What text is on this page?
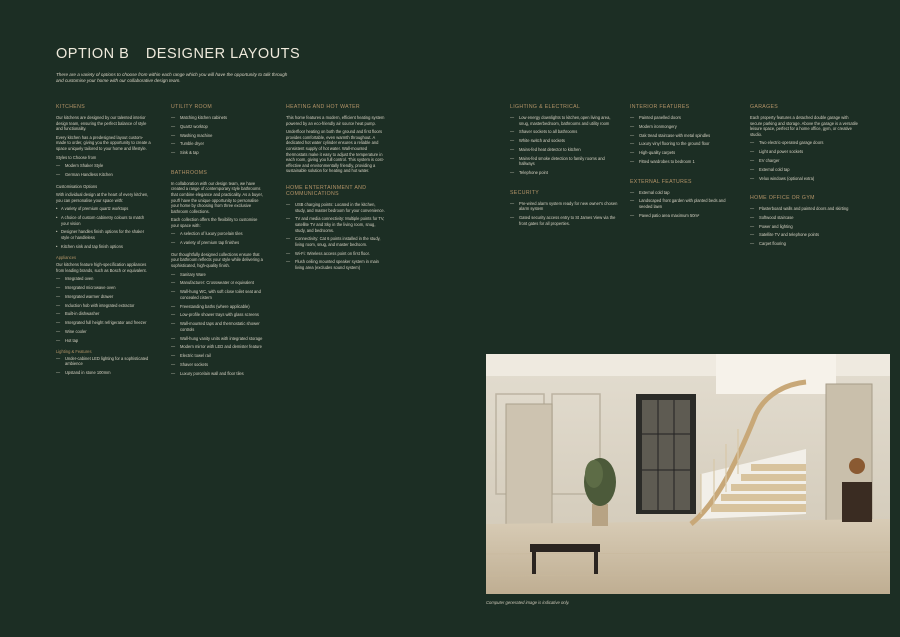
OPTION B DESIGNER LAYOUTS
There are a variety of options to choose from within each range which you will have the opportunity to talk through and customise your home with our collaborative design team.
KITCHENS
Our kitchens are designed by our talented interior design team, ensuring the perfect balance of style and functionality.
Every kitchen has a predesigned layout custom-made to order, giving you the opportunity to create a space uniquely tailored to your home and lifestyle.
Styles to Choose from
— Modern Shaker Style
— German Handless Kitchen
Customisation Options
With individual design at the heart of every kitchen, you can personalise your space with:
• A variety of premium quartz worktops
• A choice of custom cabinetry colours to match your vision
• Designer handles finish options for the shaker style or handleless
• Kitchen sink and tap finish options
Appliances
Our kitchens feature high-specification appliances from leading brands, such as Bosch or equivalent.
— Integrated oven
— Intergrated microwave oven
— Intergrated warmer drawer
— Induction hob with integrated extractor
— Built-in dishwasher
— Intergrated full height refrigerator and freezer
— Wine cooler
— Hot tap
Lighting & Features
— Under-cabinet LED lighting for a sophisticated ambience
— Upstand in stone 100mm
UTILITY ROOM
— Matching kitchen cabinets
— Quartz worktop
— Washing machine
— Tumble dryer
— Sink & tap
BATHROOMS
In collaboration with our design team, we have created a range of contemporary style bathrooms that combine elegance and practicality. As a buyer, you'll have the unique opportunity to personalise your home by choosing from three exclusive bathroom collections.
Each collection offers the flexibility to customise your space with:
— A selection of luxury porcelain tiles
— A variety of premium tap finishes
Our thoughtfully designed collections ensure that your bathroom reflects your style while delivering a sophisticated, high-quality finish.
— Sanitary Ware
— Manufacturer: Crossweater or equivalent
— Wall-hung WC, with soft close toilet seat and concealed cistern
— Freestanding baths (where applicable)
— Low-profile shower trays with glass screens
— Wall-mounted taps and thermostatic shower controls
— Wall-hung vanity units with integrated storage
— Modern mirror with LED and demister feature
— Electric towel rail
— Shaver sockets
— Luxury porcelain wall and floor tiles
HEATING AND HOT WATER
This home features a modern, efficient heating system powered by an eco-friendly air source heat pump.
Underfloor heating on both the ground and first floors provides comfortable, even warmth throughout. A dedicated hot water cylinder ensures a reliable and consistent supply of hot water. Wall-mounted thermostats make it easy to adjust the temperature in each room, giving you full control. This system is cost-effective and environmentally friendly, providing a sustainable solution for heating and hot water.
HOME ENTERTAINMENT AND COMMUNICATIONS
— USB charging points: Located in the kitchen, study, and master bedroom for your convenience.
— TV and media connectivity: Multiple points for TV, satellite TV and Sky in the living room, snug, study, and bedrooms.
— Connectivity: Cat 6 points installed in the study, living room, snug, and master bedroom.
— Wi-Fi: Wireless access point on first floor.
— Flush ceiling mounted speaker system in main living area (excludes sound system)
LIGHTING & ELECTRICAL
— Low energy downlights to kitchen,open living area, snug, masterbedroom, bathrooms and utility room
— Shaver sockets to all bathrooms
— White switch and sockets
— Mains-fed heat detector to kitchen
— Mains-fed smoke detection to family rooms and hallways
— Telephone point
SECURITY
— Pre-wired alarm system ready for new owner's chosen alarm system
— Gated security access entry to St James View via the front gates for all properties.
INTERIOR FEATURES
— Painted panelled doors
— Modern ironmongery
— Oak tread staircase with metal spindles
— Luxury vinyl flooring to the ground floor
— High-quality carpets
— Fitted wardrobes to bedroom 1
EXTERNAL FEATURES
— External cold tap
— Landscaped front garden with planted beds and seeded lawn
— Paved patio area maximum 50m²
GARAGES
Each property features a detached double garage with secure parking and storage. Above the garage is a versatile leisure space, perfect for a home office, gym, or creative studio.
— Two electric-operated garage doors
— Light and power sockets
— EV charger
— External cold tap
— Velux windows (optional extra)
HOME OFFICE OR GYM
— Plasterboard walls and painted doors and skirting
— Softwood staircase
— Power and lighting
— Satellite TV and telephone points
— Carpet flooring
Computer generated image is indicative only.
